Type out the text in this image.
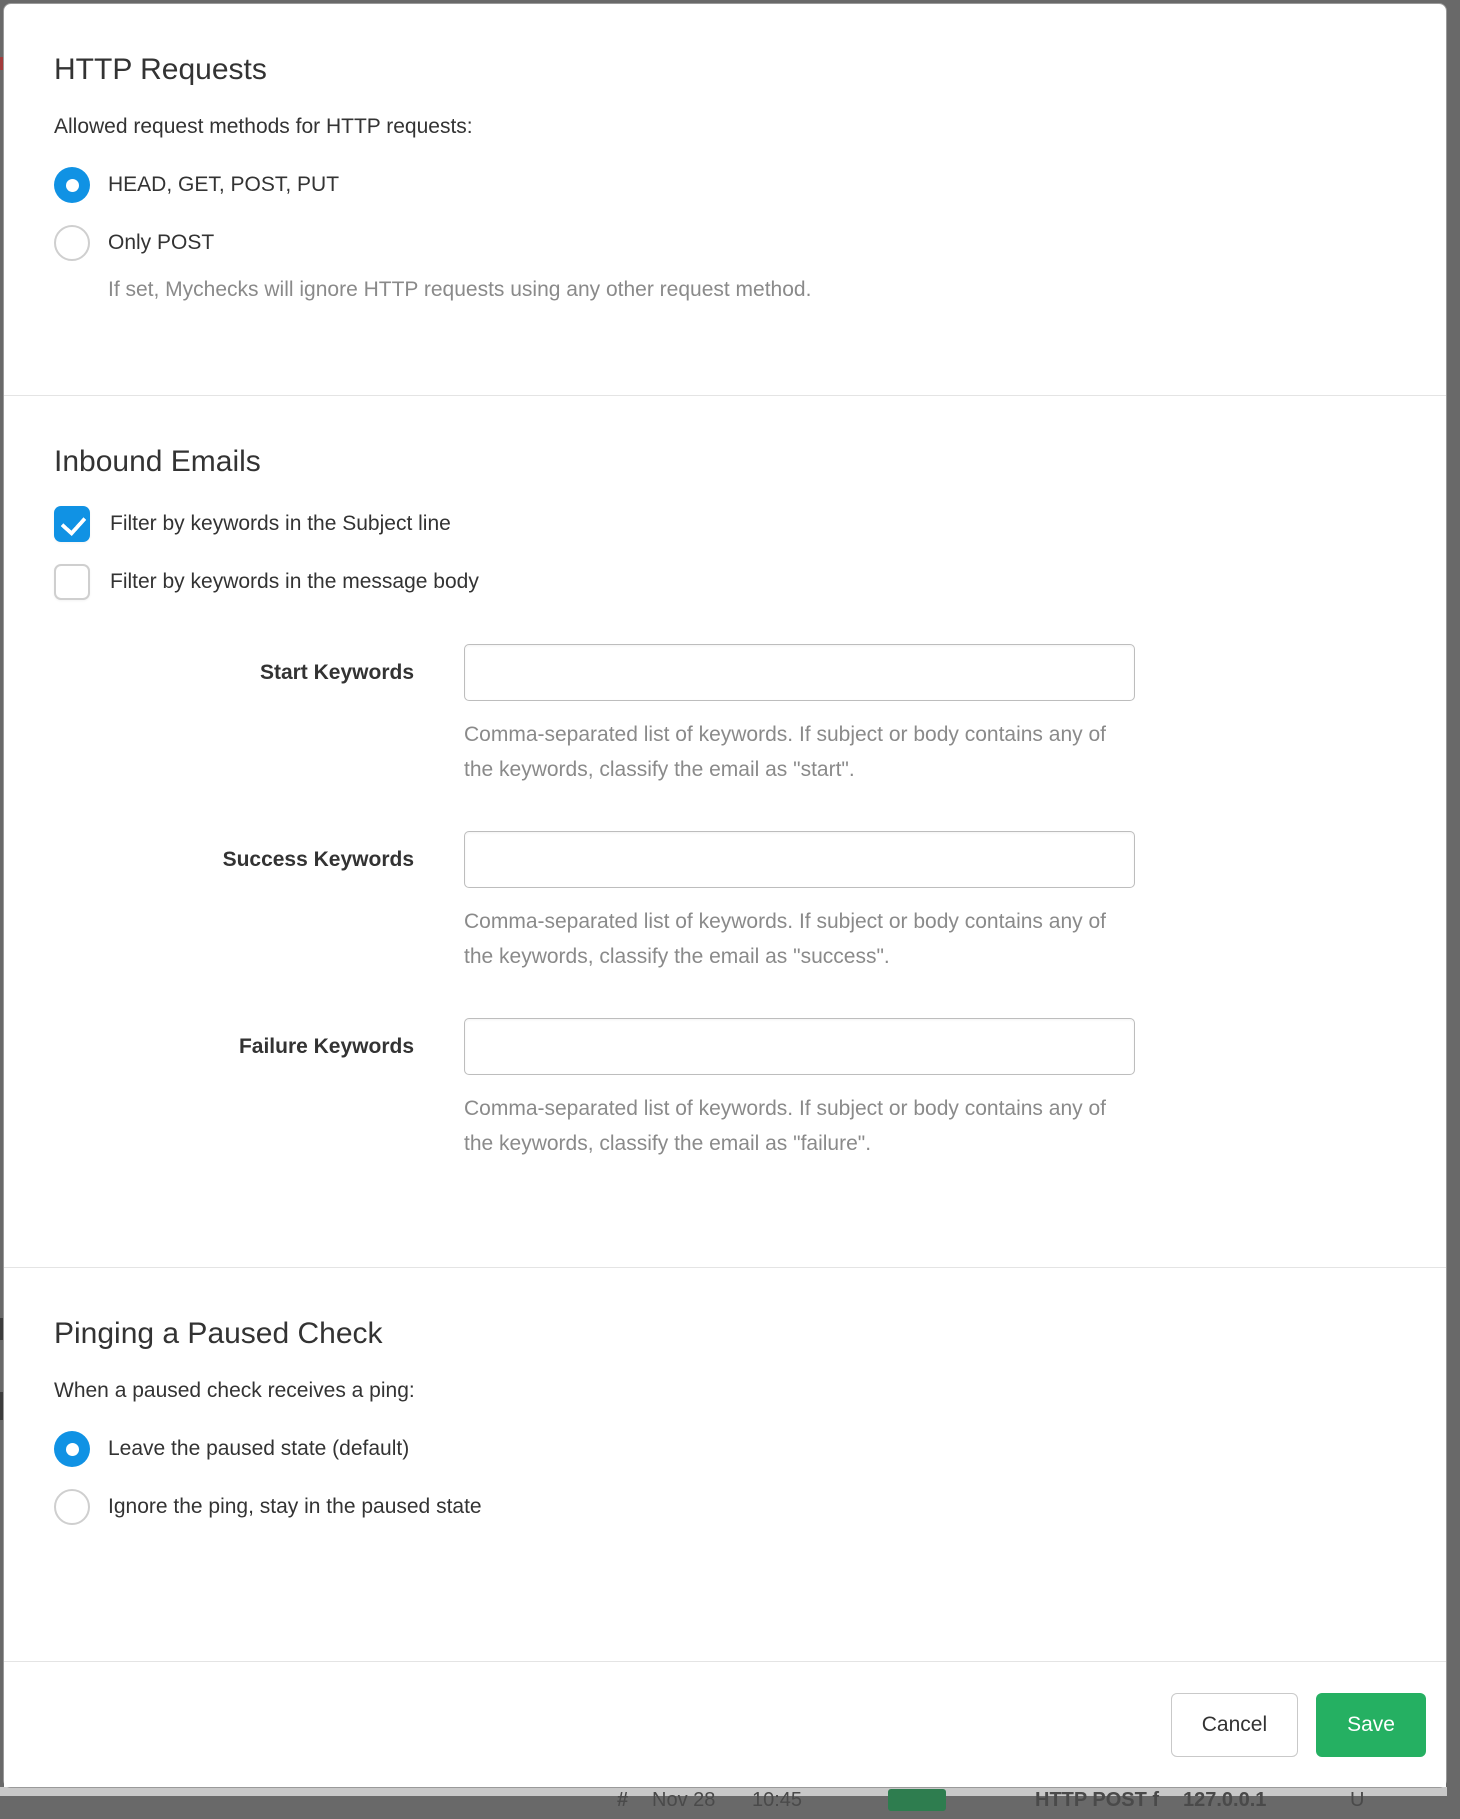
# Nov 28 10:45	HTTP POST f 127.0.0.1	U
HTTP Requests
Allowed request methods for HTTP requests:
HEAD, GET, POST, PUT
Only POST
If set, Mychecks will ignore HTTP requests using any other request method.
Inbound Emails
Filter by keywords in the Subject line
Filter by keywords in the message body
Start Keywords
Comma-separated list of keywords. If subject or body contains any of the keywords, classify the email as "start".
Success Keywords
Comma-separated list of keywords. If subject or body contains any of the keywords, classify the email as "success".
Failure Keywords
Comma-separated list of keywords. If subject or body contains any of the keywords, classify the email as "failure".
Pinging a Paused Check
When a paused check receives a ping:
Leave the paused state (default)
Ignore the ping, stay in the paused state
Cancel	Save
